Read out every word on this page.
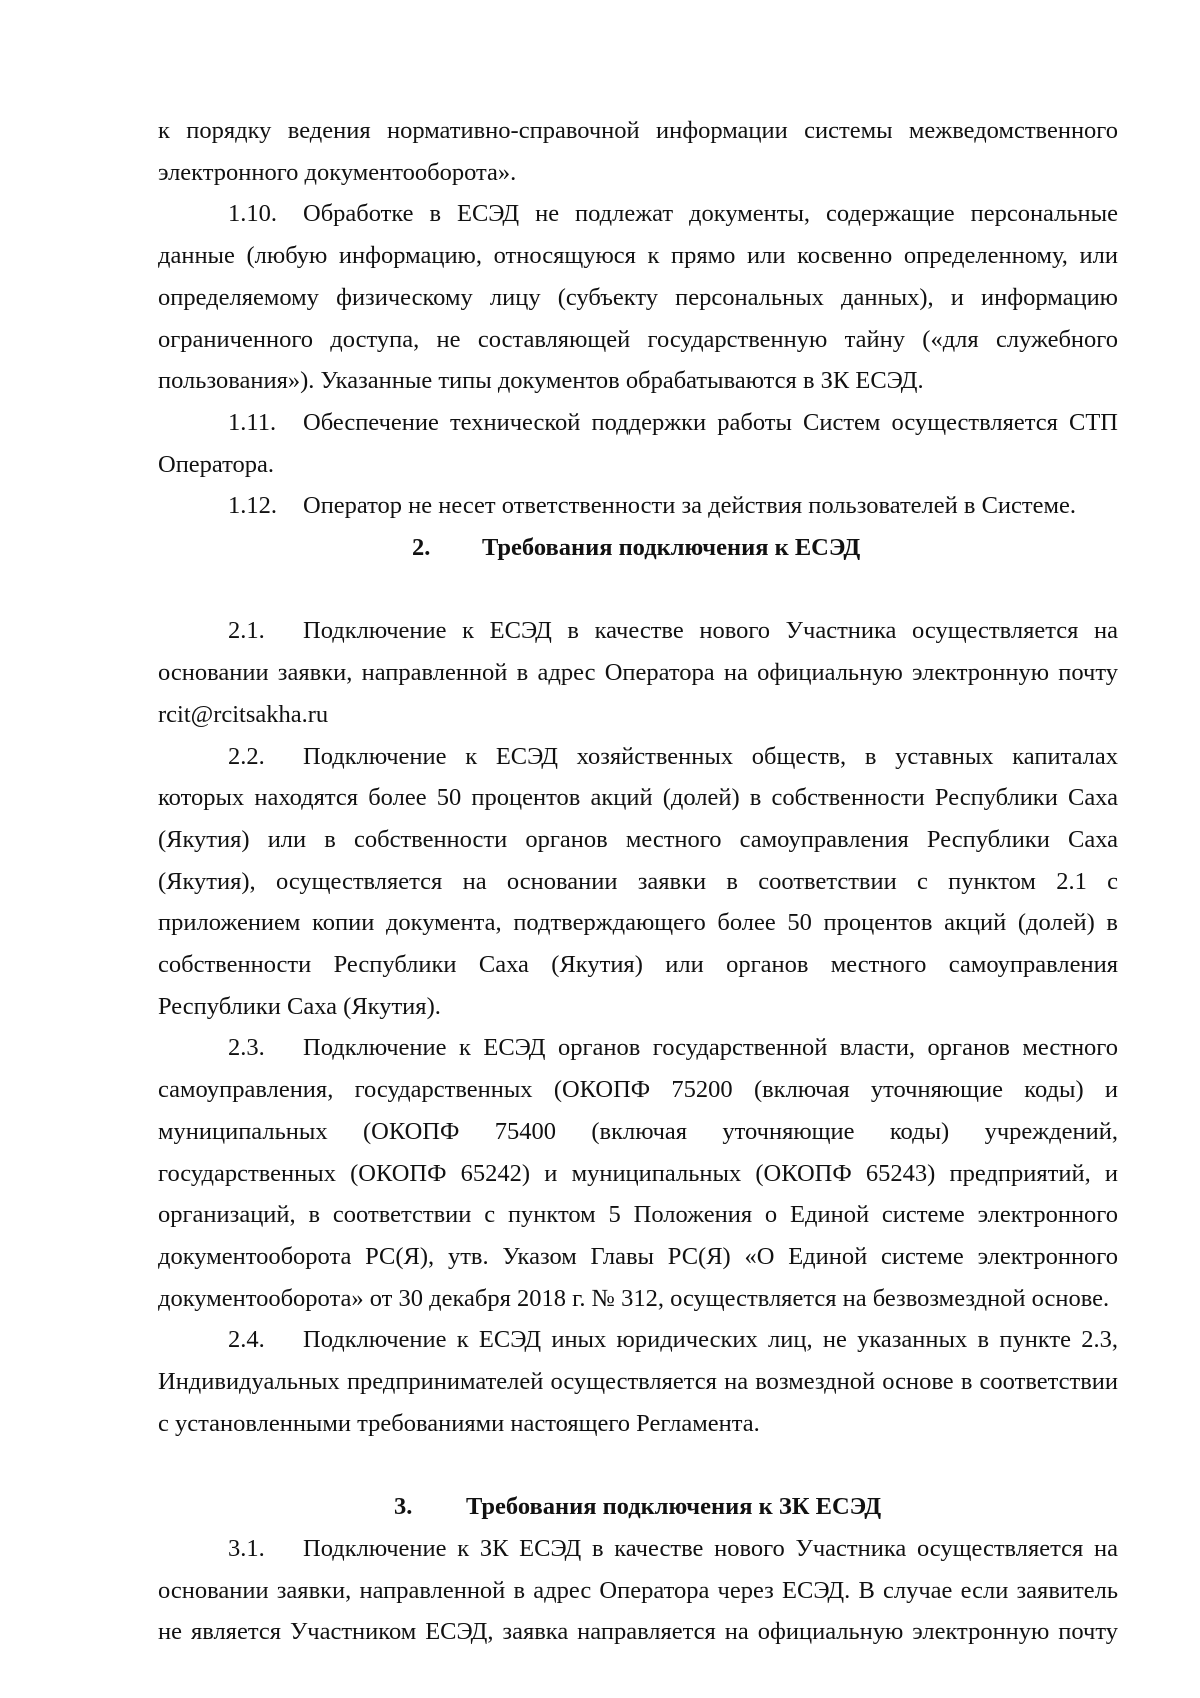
к порядку ведения нормативно-справочной информации системы межведомственного электронного документооборота».

1.10. Обработке в ЕСЭД не подлежат документы, содержащие персональные данные (любую информацию, относящуюся к прямо или косвенно определенному, или определяемому физическому лицу (субъекту персональных данных), и информацию ограниченного доступа, не составляющей государственную тайну («для служебного пользования»). Указанные типы документов обрабатываются в ЗК ЕСЭД.

1.11. Обеспечение технической поддержки работы Систем осуществляется СТП Оператора.

1.12. Оператор не несет ответственности за действия пользователей в Системе.

2. Требования подключения к ЕСЭД

2.1. Подключение к ЕСЭД в качестве нового Участника осуществляется на основании заявки, направленной в адрес Оператора на официальную электронную почту rcit@rcitsakha.ru

2.2. Подключение к ЕСЭД хозяйственных обществ, в уставных капиталах которых находятся более 50 процентов акций (долей) в собственности Республики Саха (Якутия) или в собственности органов местного самоуправления Республики Саха (Якутия), осуществляется на основании заявки в соответствии с пунктом 2.1 с приложением копии документа, подтверждающего более 50 процентов акций (долей) в собственности Республики Саха (Якутия) или органов местного самоуправления Республики Саха (Якутия).

2.3. Подключение к ЕСЭД органов государственной власти, органов местного самоуправления, государственных (ОКОПФ 75200 (включая уточняющие коды) и муниципальных (ОКОПФ 75400 (включая уточняющие коды) учреждений, государственных (ОКОПФ 65242) и муниципальных (ОКОПФ 65243) предприятий, и организаций, в соответствии с пунктом 5 Положения о Единой системе электронного документооборота РС(Я), утв. Указом Главы РС(Я) «О Единой системе электронного документооборота» от 30 декабря 2018 г. № 312, осуществляется на безвозмездной основе.

2.4. Подключение к ЕСЭД иных юридических лиц, не указанных в пункте 2.3, Индивидуальных предпринимателей осуществляется на возмездной основе в соответствии с установленными требованиями настоящего Регламента.

3. Требования подключения к ЗК ЕСЭД

3.1. Подключение к ЗК ЕСЭД в качестве нового Участника осуществляется на основании заявки, направленной в адрес Оператора через ЕСЭД. В случае если заявитель не является Участником ЕСЭД, заявка направляется на официальную электронную почту
